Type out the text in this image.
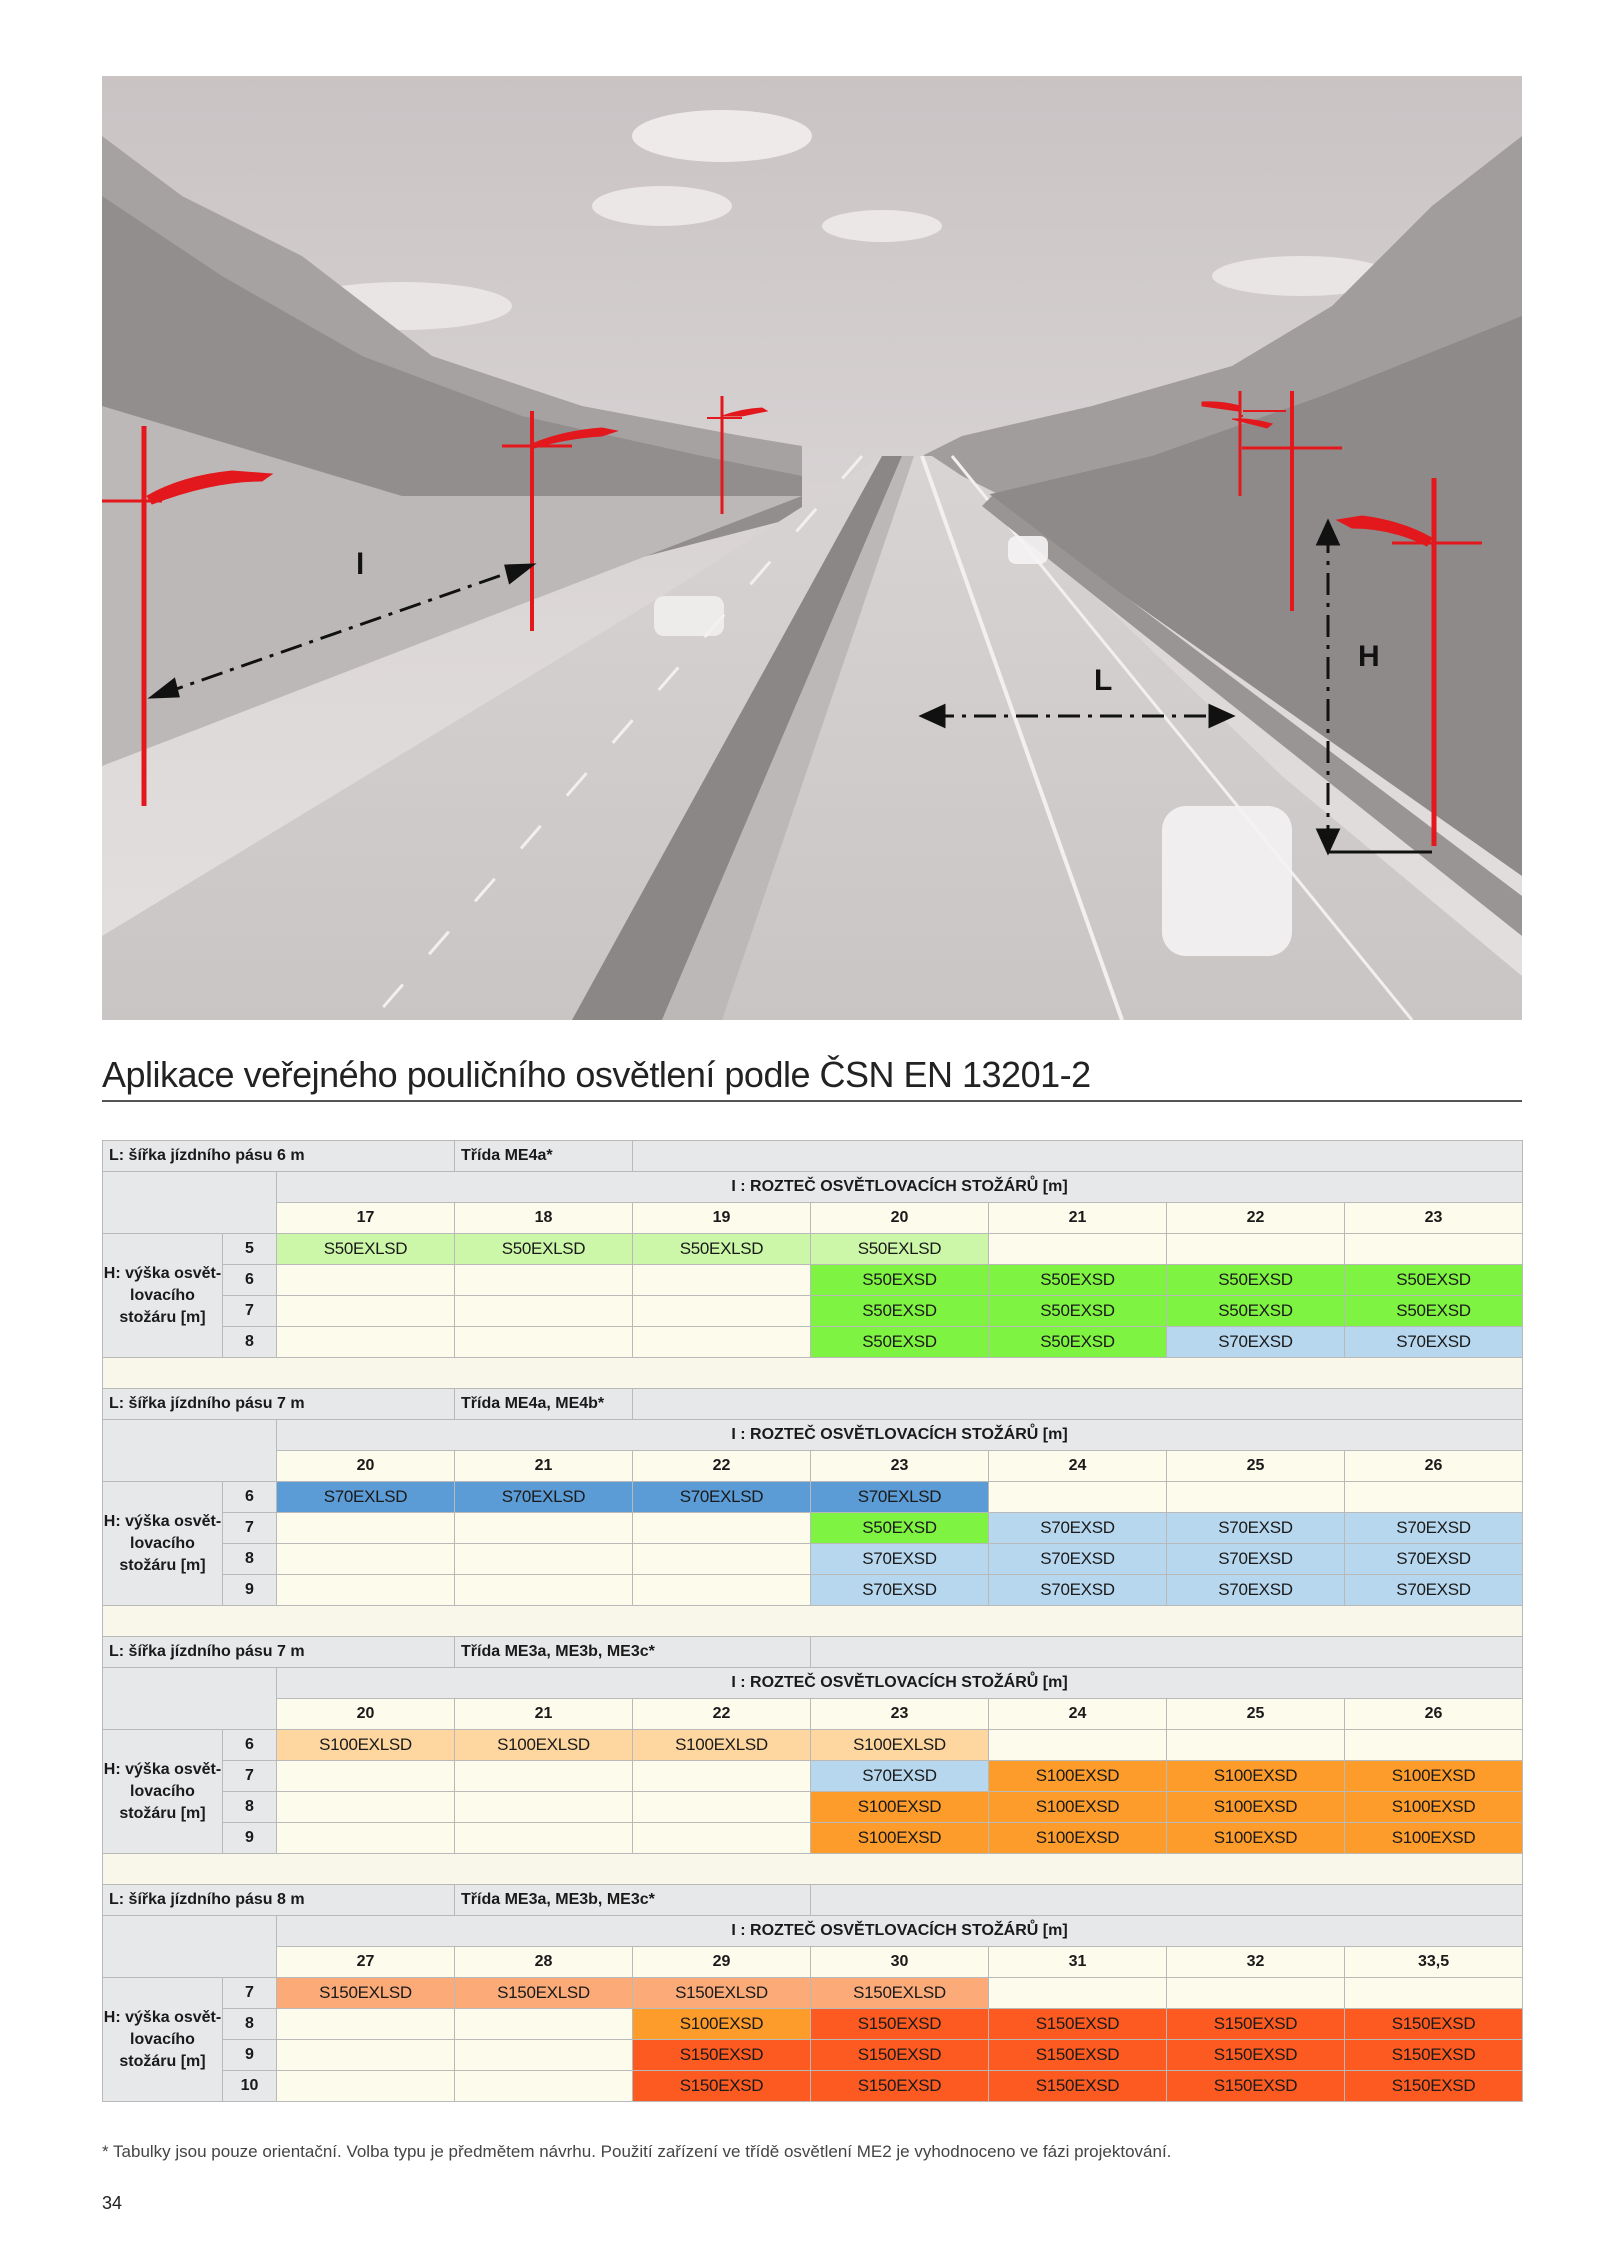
l
L
H
Aplikace veřejného pouličního osvětlení podle ČSN EN 13201-2
L: šířka jízdního pásu 6 m			Třída ME4a*					
		I : ROZTEČ OSVĚTLOVACÍCH STOŽÁRŮ [m]						
		17	18	19	20	21	22	23
H: výška osvět-lovacího stožáru [m]	5	S50EXLSD	S50EXLSD	S50EXLSD	S50EXLSD			
	6				S50EXSD	S50EXSD	S50EXSD	S50EXSD
	7				S50EXSD	S50EXSD	S50EXSD	S50EXSD
	8				S50EXSD	S50EXSD	S70EXSD	S70EXSD

L: šířka jízdního pásu 7 m			Třída ME4a, ME4b*					
		I : ROZTEČ OSVĚTLOVACÍCH STOŽÁRŮ [m]						
		20	21	22	23	24	25	26
H: výška osvět-lovacího stožáru [m]	6	S70EXLSD	S70EXLSD	S70EXLSD	S70EXLSD			
	7				S50EXSD	S70EXSD	S70EXSD	S70EXSD
	8				S70EXSD	S70EXSD	S70EXSD	S70EXSD
	9				S70EXSD	S70EXSD	S70EXSD	S70EXSD

L: šířka jízdního pásu 7 m			Třída ME3a, ME3b, ME3c*					
		I : ROZTEČ OSVĚTLOVACÍCH STOŽÁRŮ [m]						
		20	21	22	23	24	25	26
H: výška osvět-lovacího stožáru [m]	6	S100EXLSD	S100EXLSD	S100EXLSD	S100EXLSD			
	7				S70EXSD	S100EXSD	S100EXSD	S100EXSD
	8				S100EXSD	S100EXSD	S100EXSD	S100EXSD
	9				S100EXSD	S100EXSD	S100EXSD	S100EXSD

L: šířka jízdního pásu 8 m			Třída ME3a, ME3b, ME3c*					
		I : ROZTEČ OSVĚTLOVACÍCH STOŽÁRŮ [m]						
		27	28	29	30	31	32	33,5
H: výška osvět-lovacího stožáru [m]	7	S150EXLSD	S150EXLSD	S150EXLSD	S150EXLSD			
	8			S100EXSD	S150EXSD	S150EXSD	S150EXSD	S150EXSD
	9			S150EXSD	S150EXSD	S150EXSD	S150EXSD	S150EXSD
	10			S150EXSD	S150EXSD	S150EXSD	S150EXSD	S150EXSD
* Tabulky jsou pouze orientační. Volba typu je předmětem návrhu. Použití zařízení ve třídě osvětlení ME2 je vyhodnoceno ve fázi projektování.
34
